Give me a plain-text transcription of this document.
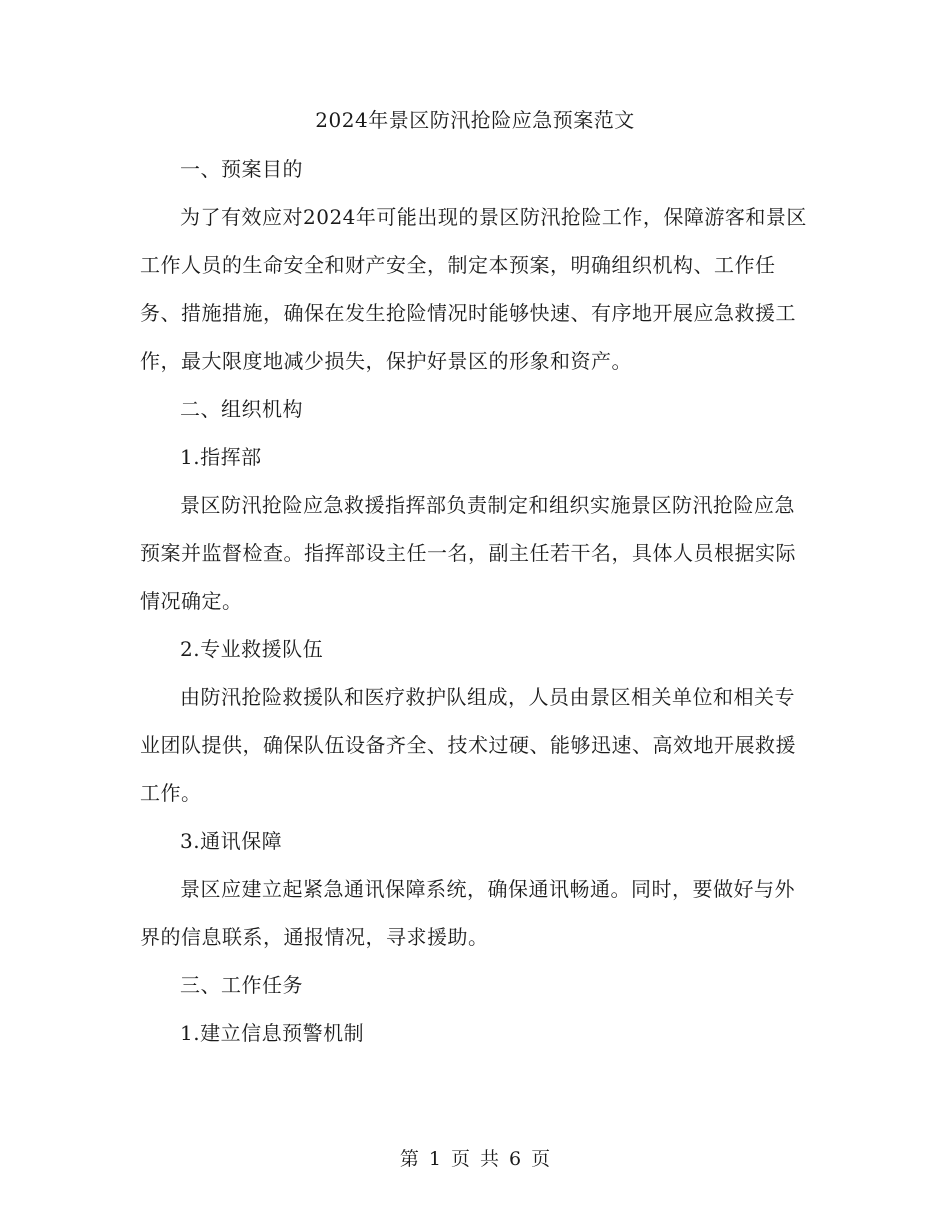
2024年景区防汛抢险应急预案范文

一、预案目的

为了有效应对2024年可能出现的景区防汛抢险工作，保障游客和景区工作人员的生命安全和财产安全，制定本预案，明确组织机构、工作任务、措施措施，确保在发生抢险情况时能够快速、有序地开展应急救援工作，最大限度地减少损失，保护好景区的形象和资产。

二、组织机构

1.指挥部

景区防汛抢险应急救援指挥部负责制定和组织实施景区防汛抢险应急预案并监督检查。指挥部设主任一名，副主任若干名，具体人员根据实际情况确定。

2.专业救援队伍

由防汛抢险救援队和医疗救护队组成，人员由景区相关单位和相关专业团队提供，确保队伍设备齐全、技术过硬、能够迅速、高效地开展救援工作。

3.通讯保障

景区应建立起紧急通讯保障系统，确保通讯畅通。同时，要做好与外界的信息联系，通报情况，寻求援助。

三、工作任务

1.建立信息预警机制

第 1 页 共 6 页
